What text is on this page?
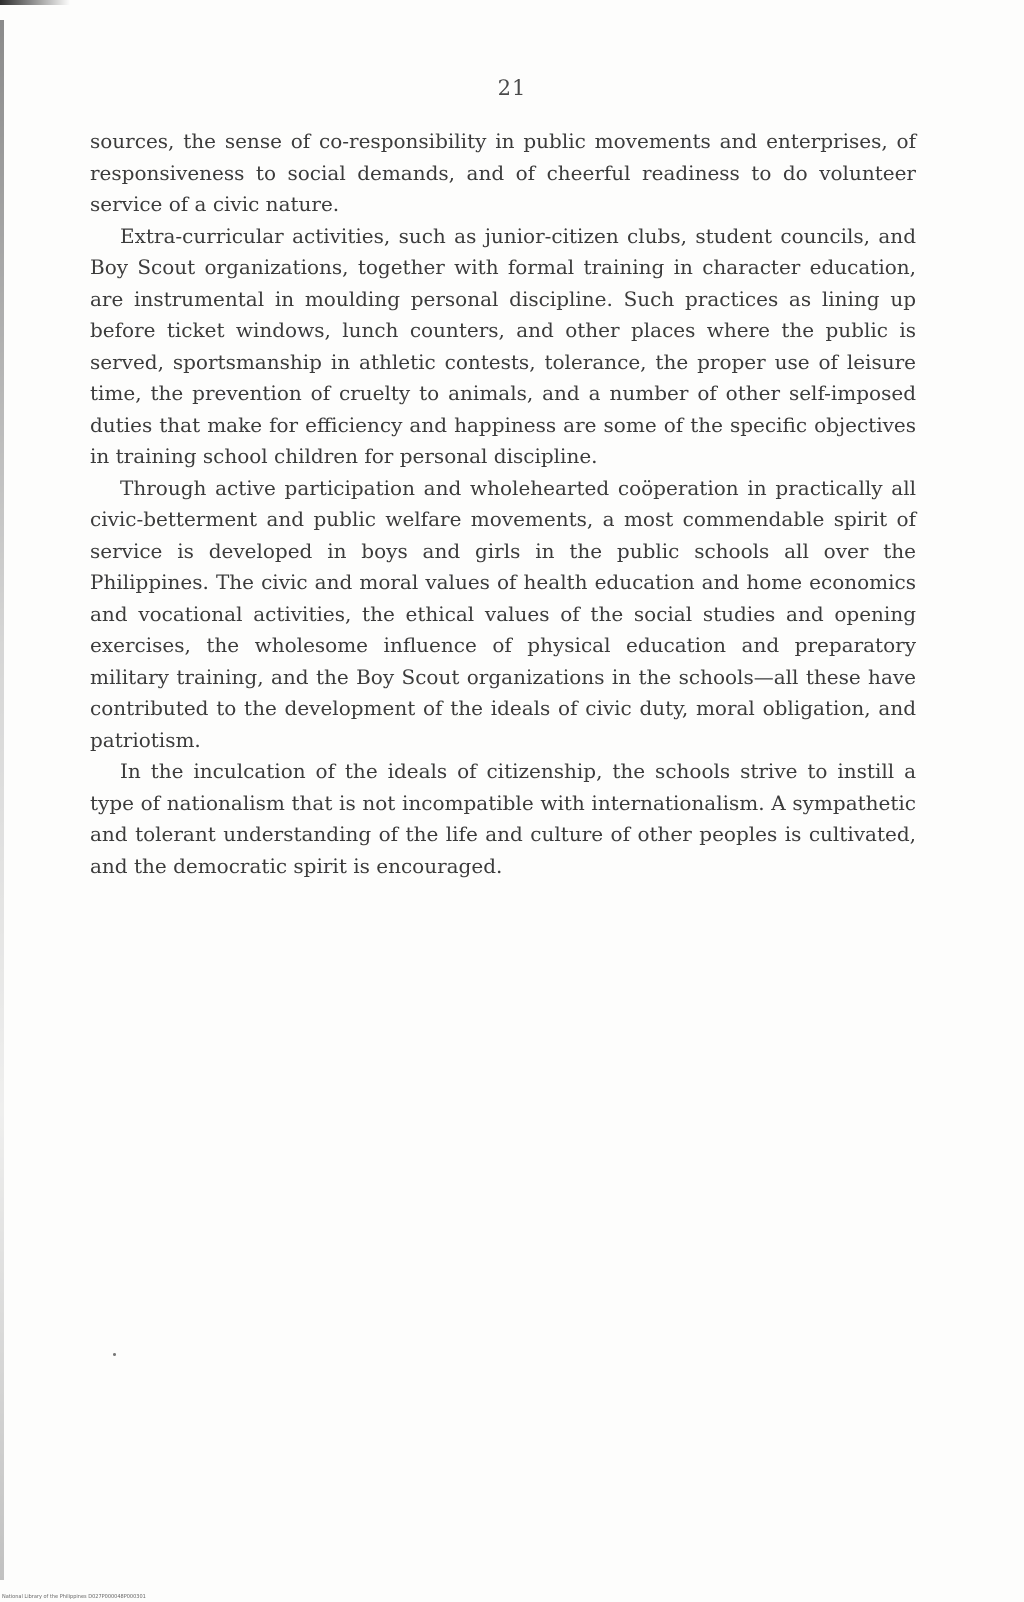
21

sources, the sense of co-responsibility in public movements and enterprises, of responsiveness to social demands, and of cheerful readiness to do volunteer service of a civic nature.

Extra-curricular activities, such as junior-citizen clubs, student councils, and Boy Scout organizations, together with formal training in character education, are instrumental in moulding personal discipline. Such practices as lining up before ticket windows, lunch counters, and other places where the public is served, sportsmanship in athletic contests, tolerance, the proper use of leisure time, the prevention of cruelty to animals, and a number of other self-imposed duties that make for efficiency and happiness are some of the specific objectives in training school children for personal discipline.

Through active participation and wholehearted coöperation in practically all civic-betterment and public welfare movements, a most commendable spirit of service is developed in boys and girls in the public schools all over the Philippines. The civic and moral values of health education and home economics and vocational activities, the ethical values of the social studies and opening exercises, the wholesome influence of physical education and preparatory military training, and the Boy Scout organizations in the schools—all these have contributed to the development of the ideals of civic duty, moral obligation, and patriotism.

In the inculcation of the ideals of citizenship, the schools strive to instill a type of nationalism that is not incompatible with internationalism. A sympathetic and tolerant understanding of the life and culture of other peoples is cultivated, and the democratic spirit is encouraged.

National Library of the Philippines D027P000048P000301
